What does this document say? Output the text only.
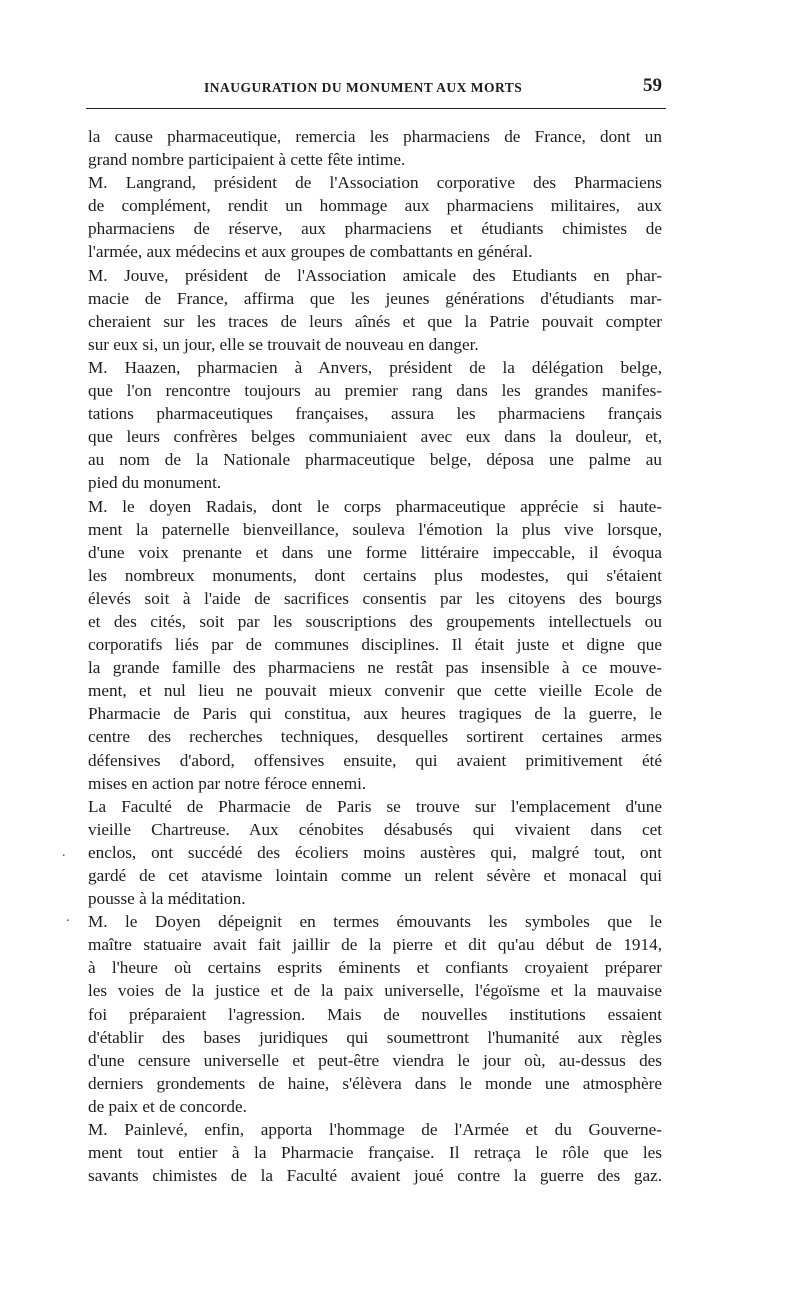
INAUGURATION DU MONUMENT AUX MORTS	59
.
.
la cause pharmaceutique, remercia les pharmaciens de France, dont un
grand nombre participaient à cette fête intime.
M. Langrand, président de l'Association corporative des Pharmaciens
de complément, rendit un hommage aux pharmaciens militaires, aux
pharmaciens de réserve, aux pharmaciens et étudiants chimistes de
l'armée, aux médecins et aux groupes de combattants en général.
M. Jouve, président de l'Association amicale des Etudiants en phar-
macie de France, affirma que les jeunes générations d'étudiants mar-
cheraient sur les traces de leurs aînés et que la Patrie pouvait compter
sur eux si, un jour, elle se trouvait de nouveau en danger.
M. Haazen, pharmacien à Anvers, président de la délégation belge,
que l'on rencontre toujours au premier rang dans les grandes manifes-
tations pharmaceutiques françaises, assura les pharmaciens français
que leurs confrères belges communiaient avec eux dans la douleur, et,
au nom de la Nationale pharmaceutique belge, déposa une palme au
pied du monument.
M. le doyen Radais, dont le corps pharmaceutique apprécie si haute-
ment la paternelle bienveillance, souleva l'émotion la plus vive lorsque,
d'une voix prenante et dans une forme littéraire impeccable, il évoqua
les nombreux monuments, dont certains plus modestes, qui s'étaient
élevés soit à l'aide de sacrifices consentis par les citoyens des bourgs
et des cités, soit par les souscriptions des groupements intellectuels ou
corporatifs liés par de communes disciplines. Il était juste et digne que
la grande famille des pharmaciens ne restât pas insensible à ce mouve-
ment, et nul lieu ne pouvait mieux convenir que cette vieille Ecole de
Pharmacie de Paris qui constitua, aux heures tragiques de la guerre, le
centre des recherches techniques, desquelles sortirent certaines armes
défensives d'abord, offensives ensuite, qui avaient primitivement été
mises en action par notre féroce ennemi.
La Faculté de Pharmacie de Paris se trouve sur l'emplacement d'une
vieille Chartreuse. Aux cénobites désabusés qui vivaient dans cet
enclos, ont succédé des écoliers moins austères qui, malgré tout, ont
gardé de cet atavisme lointain comme un relent sévère et monacal qui
pousse à la méditation.
M. le Doyen dépeignit en termes émouvants les symboles que le
maître statuaire avait fait jaillir de la pierre et dit qu'au début de 1914,
à l'heure où certains esprits éminents et confiants croyaient préparer
les voies de la justice et de la paix universelle, l'égoïsme et la mauvaise
foi préparaient l'agression. Mais de nouvelles institutions essaient
d'établir des bases juridiques qui soumettront l'humanité aux règles
d'une censure universelle et peut-être viendra le jour où, au-dessus des
derniers grondements de haine, s'élèvera dans le monde une atmosphère
de paix et de concorde.
M. Painlevé, enfin, apporta l'hommage de l'Armée et du Gouverne-
ment tout entier à la Pharmacie française. Il retraça le rôle que les
savants chimistes de la Faculté avaient joué contre la guerre des gaz.
